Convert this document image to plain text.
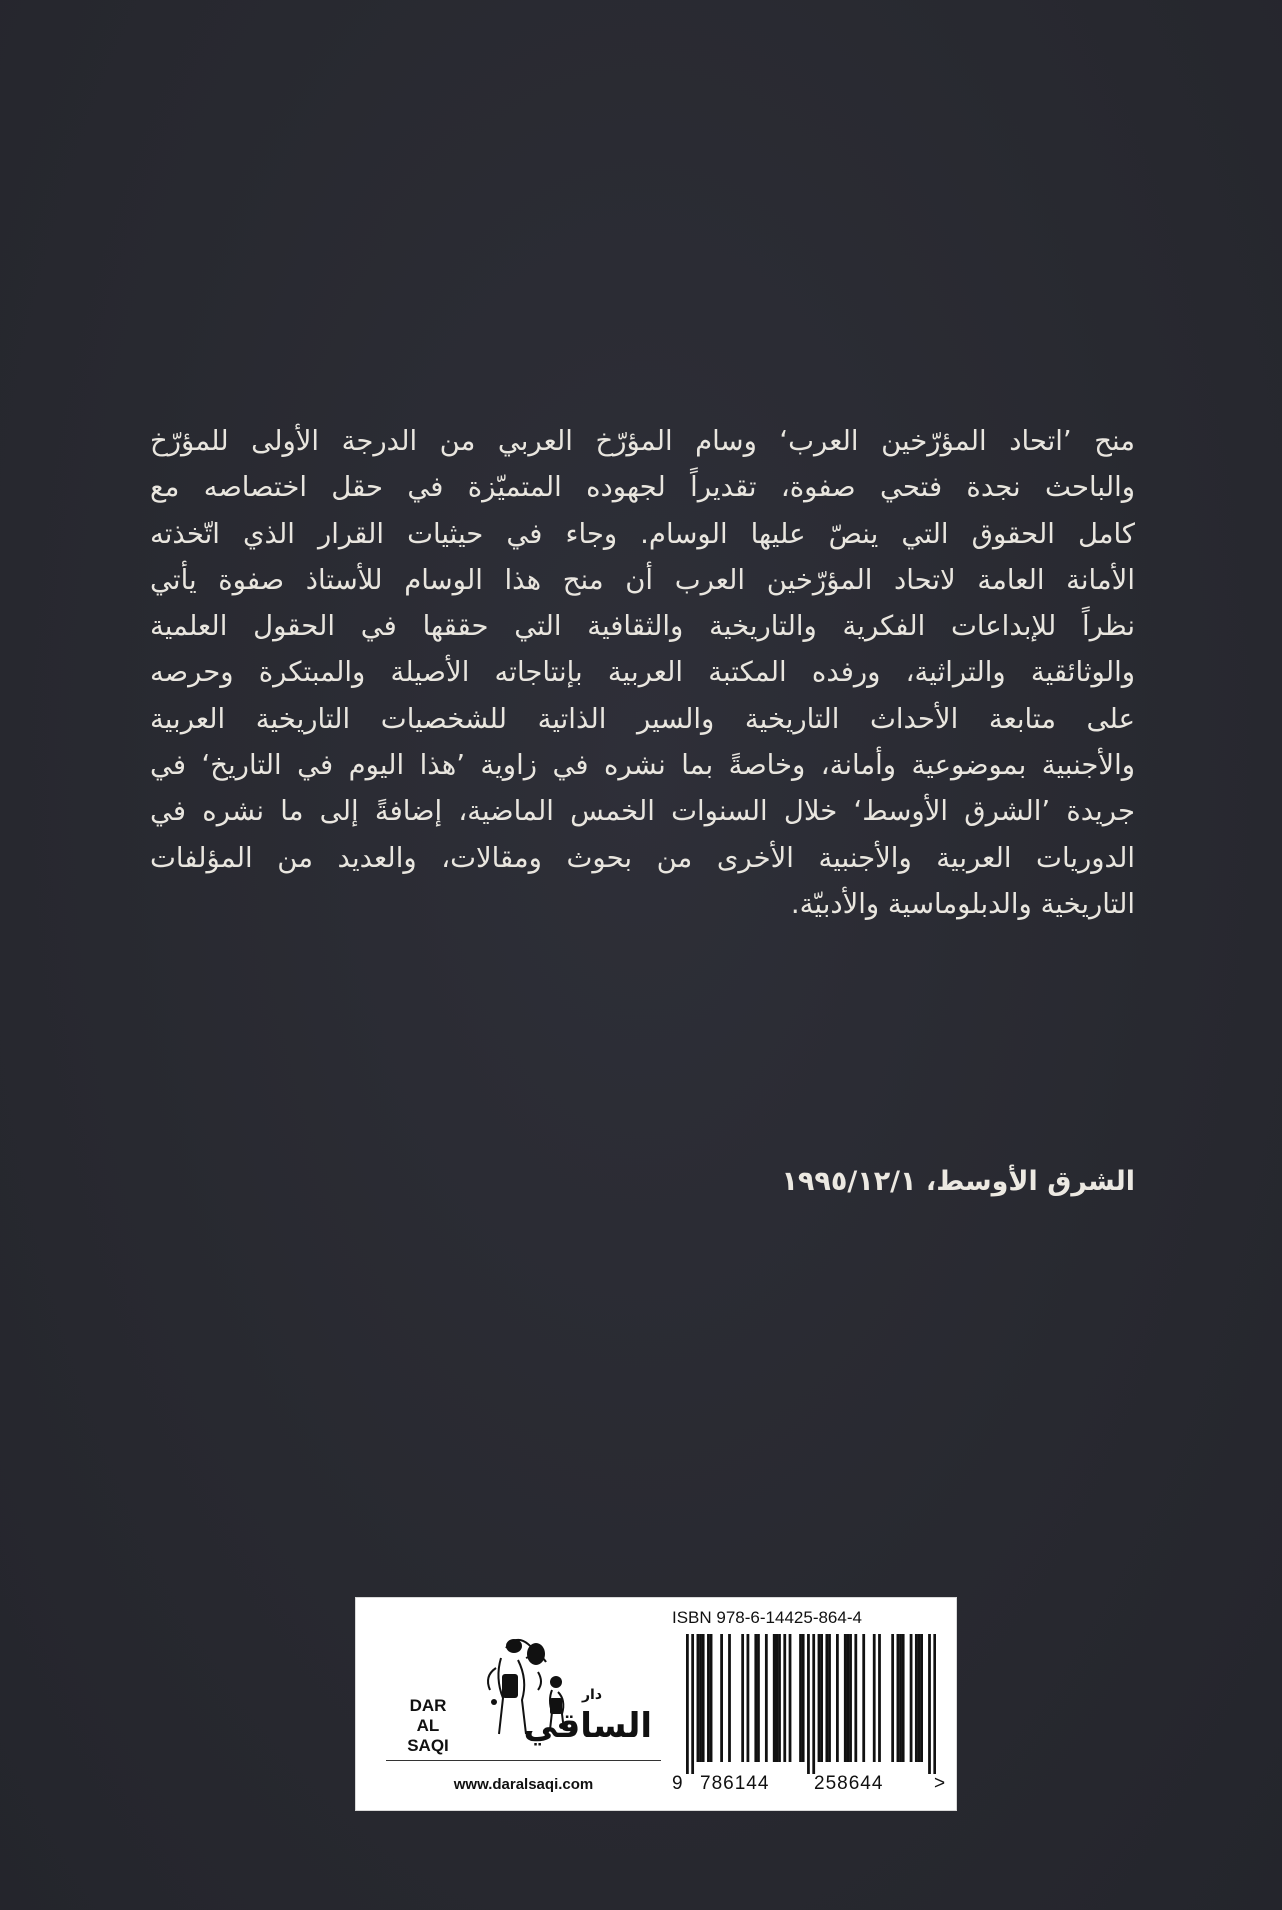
منح ’اتحاد المؤرّخين العرب‘ وسام المؤرّخ العربي من الدرجة الأولى للمؤرّخ
والباحث نجدة فتحي صفوة، تقديراً لجهوده المتميّزة في حقل اختصاصه مع
كامل الحقوق التي ينصّ عليها الوسام. وجاء في حيثيات القرار الذي اتّخذته
الأمانة العامة لاتحاد المؤرّخين العرب أن منح هذا الوسام للأستاذ صفوة يأتي
نظراً للإبداعات الفكرية والتاريخية والثقافية التي حققها في الحقول العلمية
والوثائقية والتراثية، ورفده المكتبة العربية بإنتاجاته الأصيلة والمبتكرة وحرصه
على متابعة الأحداث التاريخية والسير الذاتية للشخصيات التاريخية العربية
والأجنبية بموضوعية وأمانة، وخاصةً بما نشره في زاوية ’هذا اليوم في التاريخ‘ في
جريدة ’الشرق الأوسط‘ خلال السنوات الخمس الماضية، إضافةً إلى ما نشره في
الدوريات العربية والأجنبية الأخرى من بحوث ومقالات، والعديد من المؤلفات
التاريخية والدبلوماسية والأدبيّة.

الشرق الأوسط، ١٩٩٥/١٢/١

DAR
AL SAQI
دار
الساقي
www.daralsaqi.com
ISBN 978-6-14425-864-4
9 786144 258644	>
